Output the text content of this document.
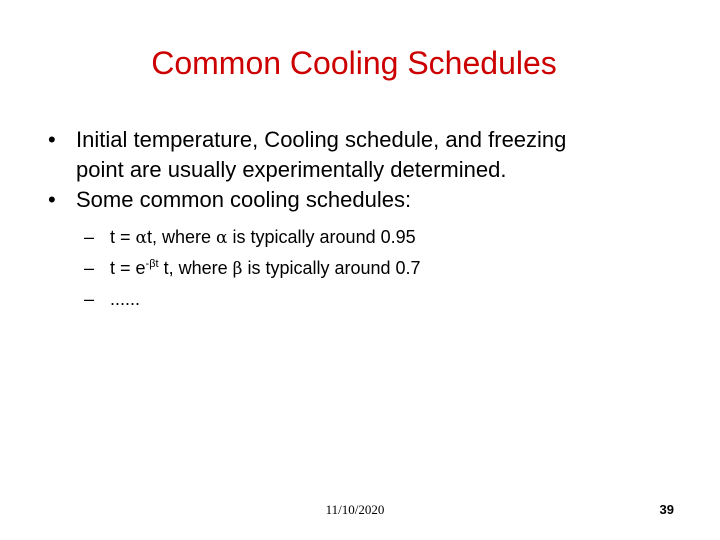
Common Cooling Schedules
• Initial temperature, Cooling schedule, and freezing
point are usually experimentally determined.
• Some common cooling schedules:
– t = αt, where α is typically around 0.95
– $t = e^{-\beta t}$ t, where β is typically around 0.7
– ......
11/10/2020	39
